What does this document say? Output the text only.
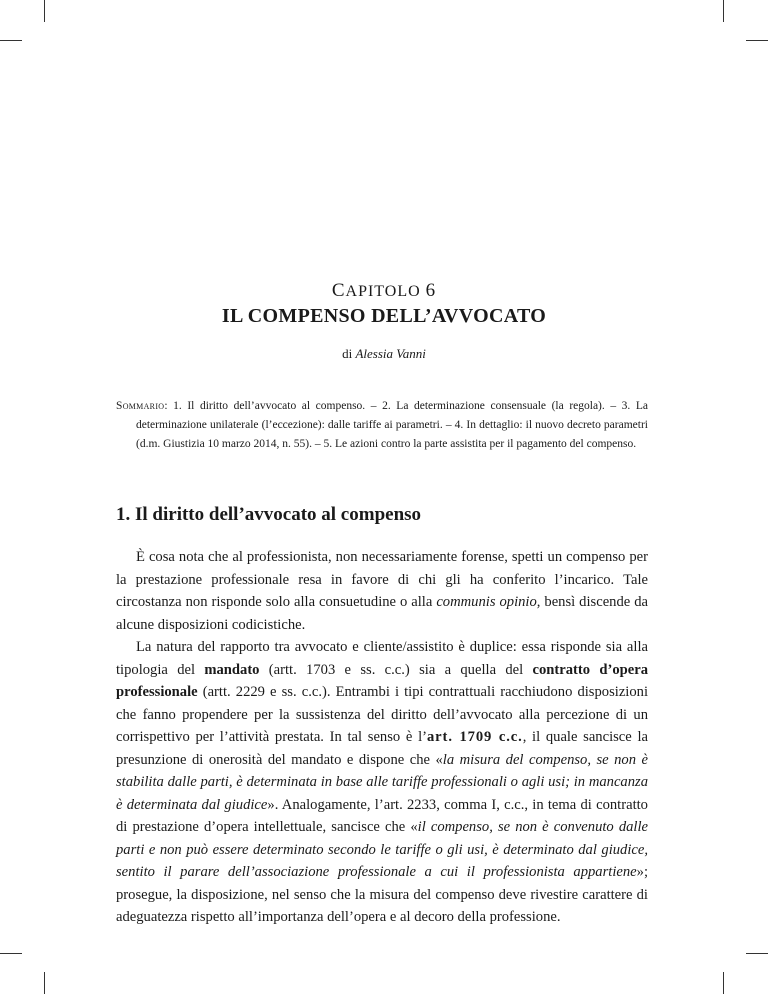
CAPITOLO 6
IL COMPENSO DELL’AVVOCATO
di Alessia Vanni
Sommario: 1. Il diritto dell’avvocato al compenso. – 2. La determinazione consensuale (la regola). – 3. La determinazione unilaterale (l’eccezione): dalle tariffe ai parametri. – 4. In dettaglio: il nuovo decreto parametri (d.m. Giustizia 10 marzo 2014, n. 55). – 5. Le azioni contro la parte assistita per il pagamento del compenso.
1. Il diritto dell’avvocato al compenso

È cosa nota che al professionista, non necessariamente forense, spetti un compenso per la prestazione professionale resa in favore di chi gli ha conferito l’incarico. Tale circostanza non risponde solo alla consuetudine o alla communis opinio, bensì discende da alcune disposizioni codicistiche.

La natura del rapporto tra avvocato e cliente/assistito è duplice: essa risponde sia alla tipologia del mandato (artt. 1703 e ss. c.c.) sia a quella del contratto d’opera professionale (artt. 2229 e ss. c.c.). Entrambi i tipi contrattuali racchiudono disposizioni che fanno propendere per la sussistenza del diritto dell’avvocato alla percezione di un corrispettivo per l’attività prestata. In tal senso è l’art. 1709 c.c., il quale sancisce la presunzione di onerosità del mandato e dispone che «la misura del compenso, se non è stabilita dalle parti, è determinata in base alle tariffe professionali o agli usi; in mancanza è determinata dal giudice». Analogamente, l’art. 2233, comma I, c.c., in tema di contratto di prestazione d’opera intellettuale, sancisce che «il compenso, se non è convenuto dalle parti e non può essere determinato secondo le tariffe o gli usi, è determinato dal giudice, sentito il parare dell’associazione professionale a cui il professionista appartiene»; prosegue, la disposizione, nel senso che la misura del compenso deve rivestire carattere di adeguatezza rispetto all’importanza dell’opera e al decoro della professione.
